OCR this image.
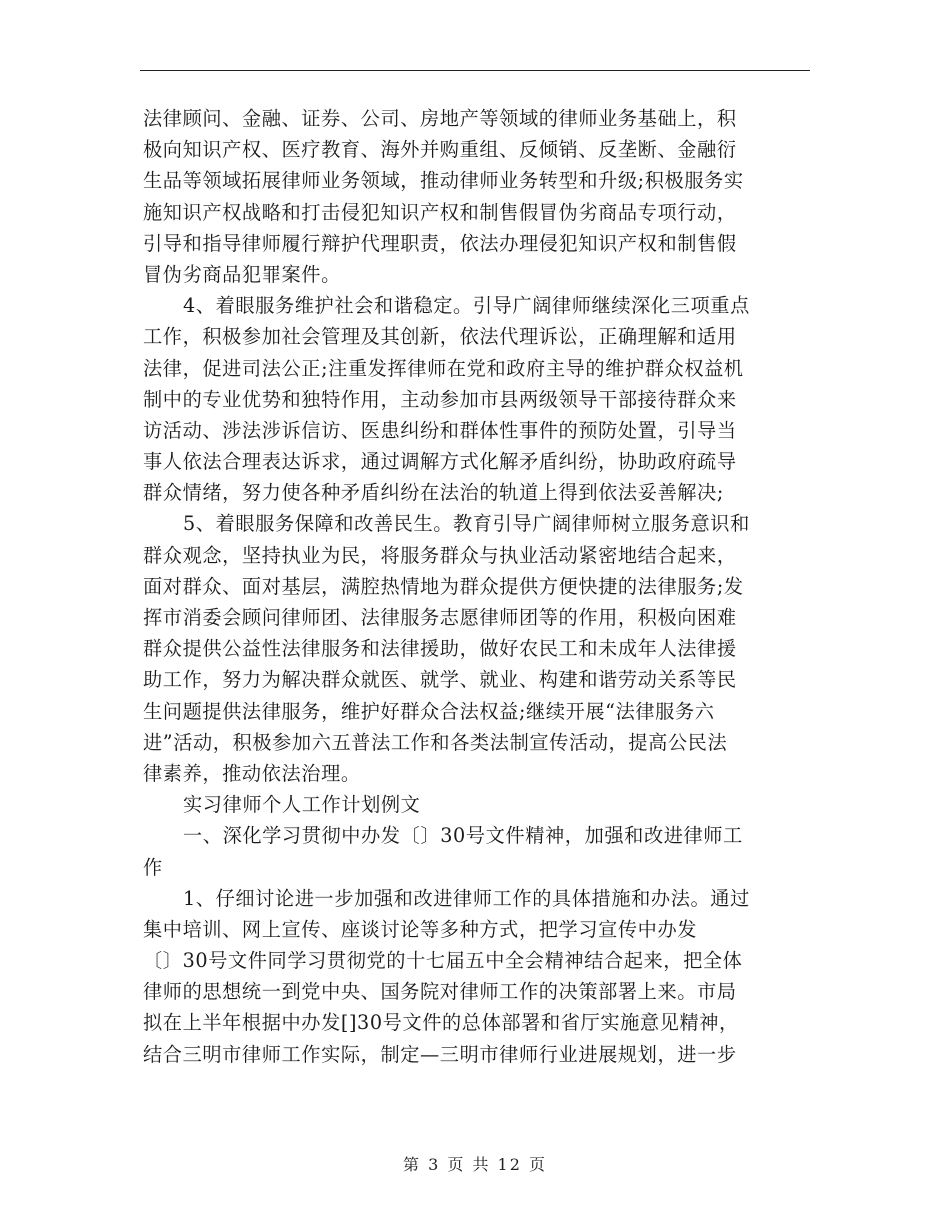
法律顾问、金融、证券、公司、房地产等领域的律师业务基础上，积
极向知识产权、医疗教育、海外并购重组、反倾销、反垄断、金融衍
生品等领域拓展律师业务领域，推动律师业务转型和升级;积极服务实
施知识产权战略和打击侵犯知识产权和制售假冒伪劣商品专项行动，
引导和指导律师履行辩护代理职责，依法办理侵犯知识产权和制售假
冒伪劣商品犯罪案件。
4、着眼服务维护社会和谐稳定。引导广阔律师继续深化三项重点
工作，积极参加社会管理及其创新，依法代理诉讼，正确理解和适用
法律，促进司法公正;注重发挥律师在党和政府主导的维护群众权益机
制中的专业优势和独特作用，主动参加市县两级领导干部接待群众来
访活动、涉法涉诉信访、医患纠纷和群体性事件的预防处置，引导当
事人依法合理表达诉求，通过调解方式化解矛盾纠纷，协助政府疏导
群众情绪，努力使各种矛盾纠纷在法治的轨道上得到依法妥善解决;
5、着眼服务保障和改善民生。教育引导广阔律师树立服务意识和
群众观念，坚持执业为民，将服务群众与执业活动紧密地结合起来，
面对群众、面对基层，满腔热情地为群众提供方便快捷的法律服务;发
挥市消委会顾问律师团、法律服务志愿律师团等的作用，积极向困难
群众提供公益性法律服务和法律援助，做好农民工和未成年人法律援
助工作，努力为解决群众就医、就学、就业、构建和谐劳动关系等民
生问题提供法律服务，维护好群众合法权益;继续开展“法律服务六
进”活动，积极参加六五普法工作和各类法制宣传活动，提高公民法
律素养，推动依法治理。
实习律师个人工作计划例文
一、深化学习贯彻中办发〔〕30号文件精神，加强和改进律师工
作
1、仔细讨论进一步加强和改进律师工作的具体措施和办法。通过
集中培训、网上宣传、座谈讨论等多种方式，把学习宣传中办发
〔〕30号文件同学习贯彻党的十七届五中全会精神结合起来，把全体
律师的思想统一到党中央、国务院对律师工作的决策部署上来。市局
拟在上半年根据中办发[]30号文件的总体部署和省厅实施意见精神，
结合三明市律师工作实际，制定—三明市律师行业进展规划，进一步
第 3 页 共 12 页
